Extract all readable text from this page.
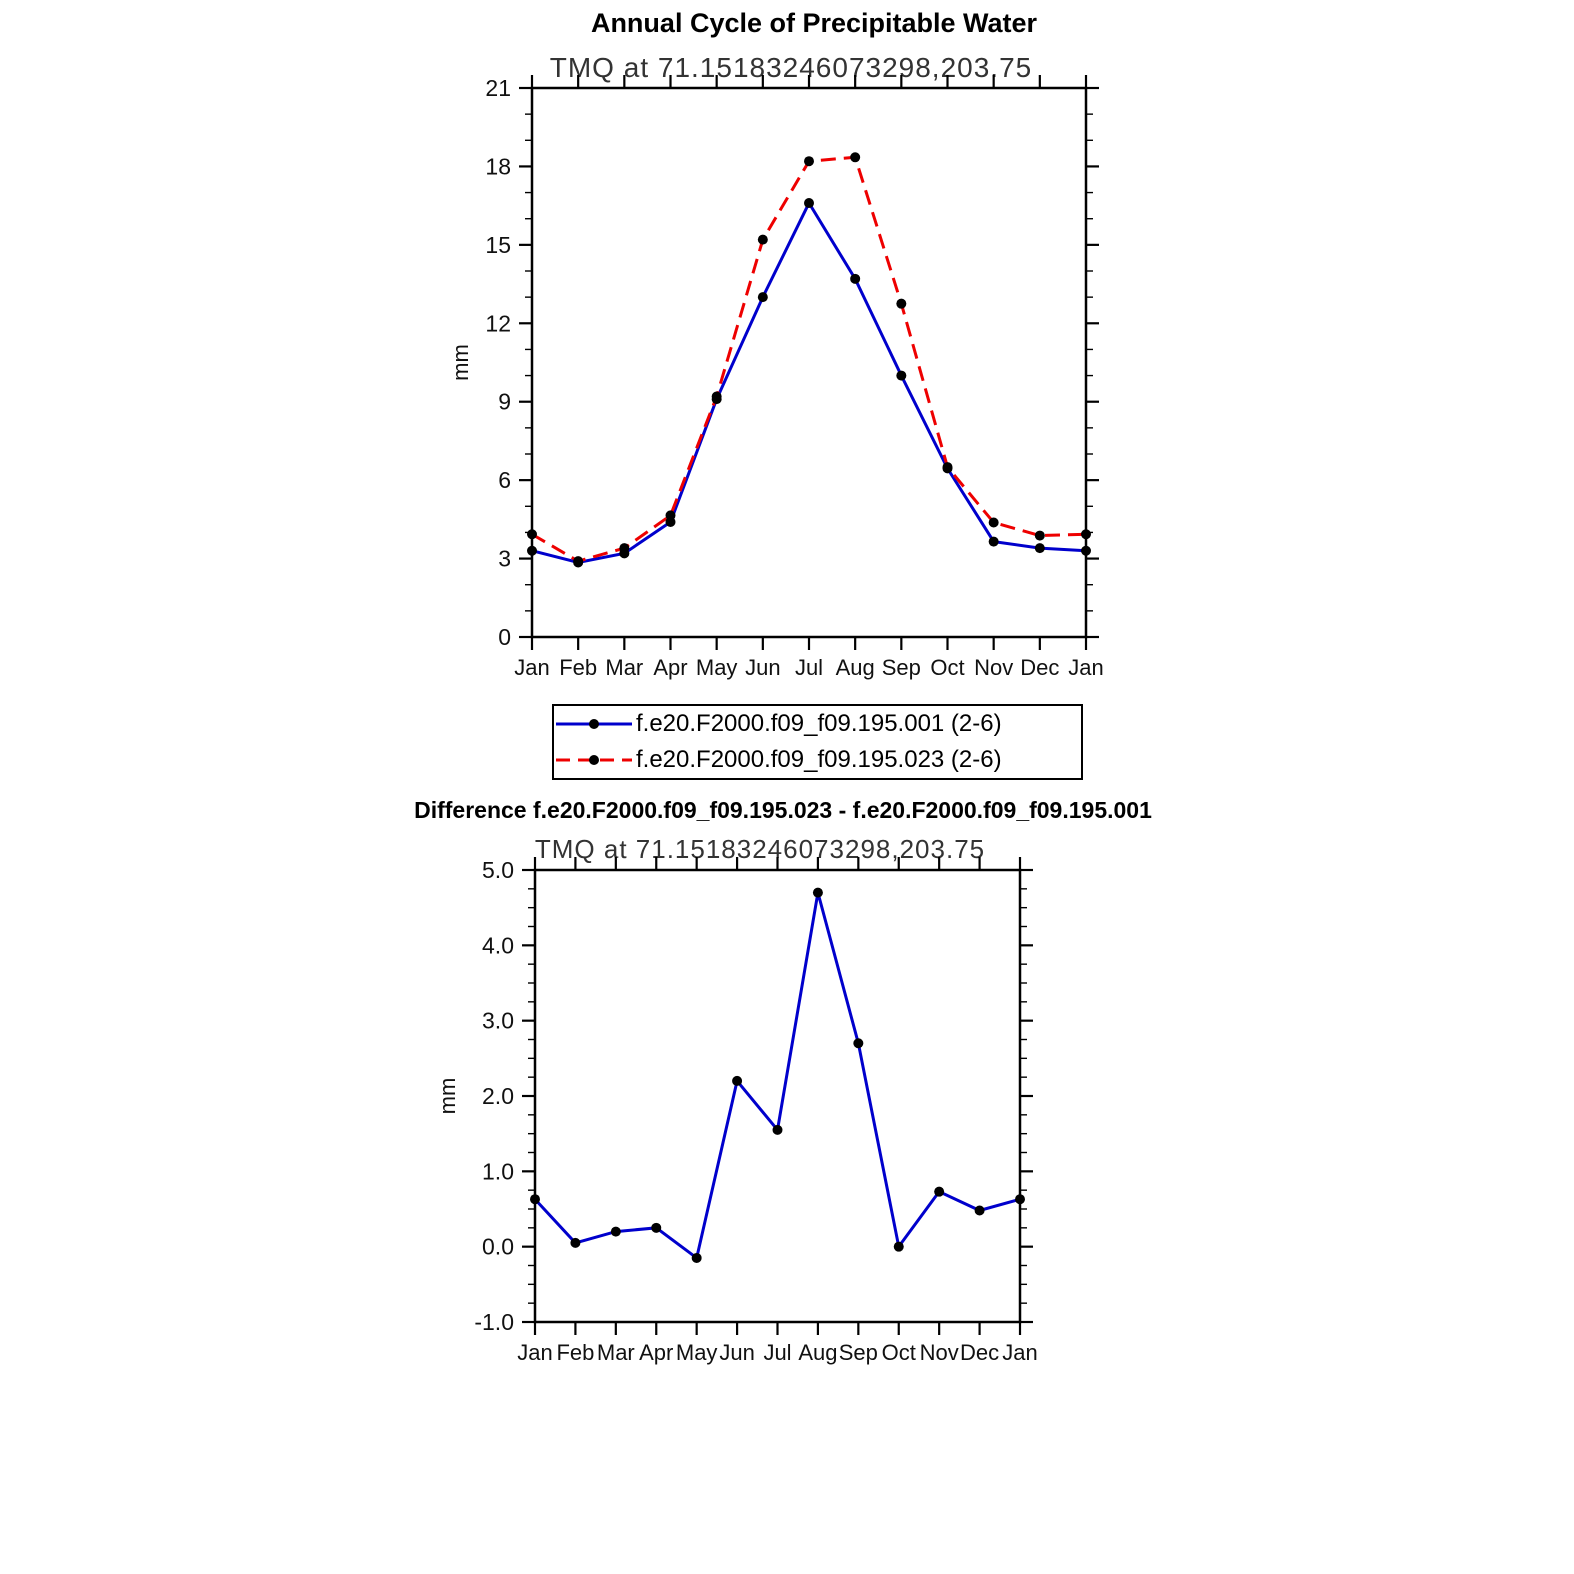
Annual Cycle of Precipitable Water
TMQ at 71.15183246073298,203.75
0
3
6
9
12
15
18
21
Jan Feb Mar Apr May Jun Jul Aug Sep Oct Nov Dec Jan
mm
f.e20.F2000.f09_f09.195.001 (2-6)
f.e20.F2000.f09_f09.195.023 (2-6)
Difference f.e20.F2000.f09_f09.195.023 - f.e20.F2000.f09_f09.195.001
TMQ at 71.15183246073298,203.75
-1.0
0.0
1.0
2.0
3.0
4.0
5.0
Jan Feb Mar Apr May Jun Jul Aug Sep Oct Nov Dec Jan
mm
